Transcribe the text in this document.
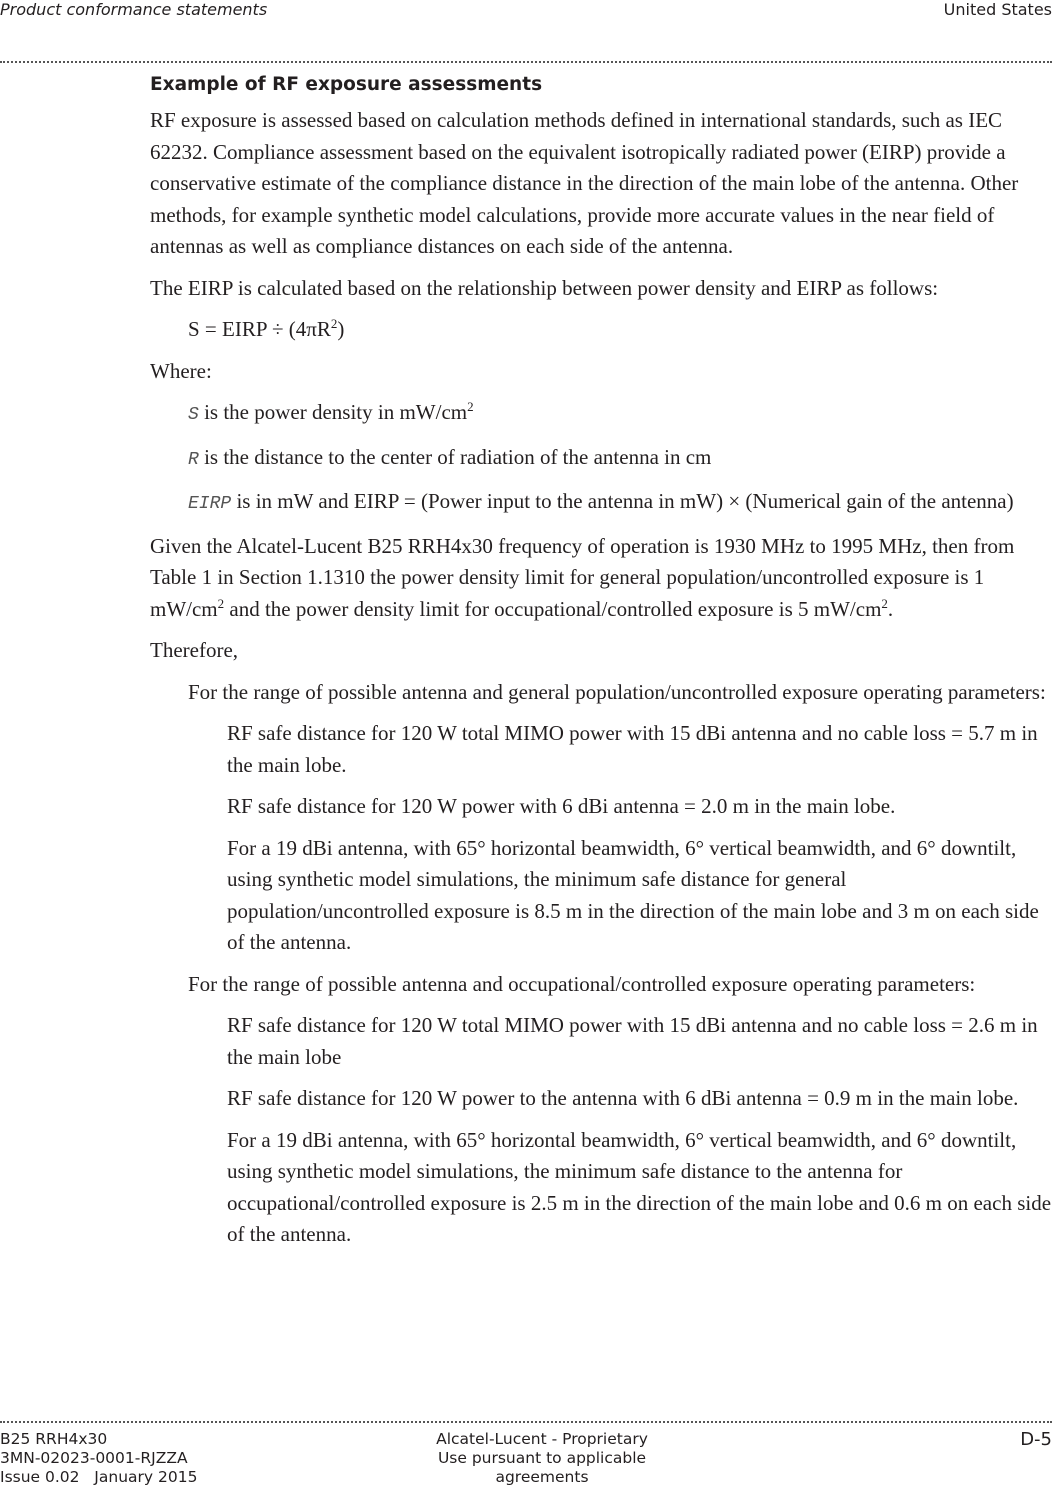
Product conformance statements	United States
Example of RF exposure assessments

RF exposure is assessed based on calculation methods defined in international standards, such as IEC 62232. Compliance assessment based on the equivalent isotropically radiated power (EIRP) provide a conservative estimate of the compliance distance in the direction of the main lobe of the antenna. Other methods, for example synthetic model calculations, provide more accurate values in the near field of antennas as well as compliance distances on each side of the antenna.

The EIRP is calculated based on the relationship between power density and EIRP as follows:

S = EIRP ÷ $(4\pi R^2)$

Where:

S is the power density in $mW/cm^2$

R is the distance to the center of radiation of the antenna in cm

EIRP is in mW and EIRP = (Power input to the antenna in mW) × (Numerical gain of the antenna)

Given the Alcatel-Lucent B25 RRH4x30 frequency of operation is 1930 MHz to 1995 MHz, then from Table 1 in Section 1.1310 the power density limit for general population/uncontrolled exposure is 1 $mW/cm^2$ and the power density limit for occupational/controlled exposure is 5 $mW/cm^2$.

Therefore,

For the range of possible antenna and general population/uncontrolled exposure operating parameters:

RF safe distance for 120 W total MIMO power with 15 dBi antenna and no cable loss = 5.7 m in the main lobe.

RF safe distance for 120 W power with 6 dBi antenna = 2.0 m in the main lobe.

For a 19 dBi antenna, with 65° horizontal beamwidth, 6° vertical beamwidth, and 6° downtilt, using synthetic model simulations, the minimum safe distance for general population/uncontrolled exposure is 8.5 m in the direction of the main lobe and 3 m on each side of the antenna.

For the range of possible antenna and occupational/controlled exposure operating parameters:

RF safe distance for 120 W total MIMO power with 15 dBi antenna and no cable loss = 2.6 m in the main lobe

RF safe distance for 120 W power to the antenna with 6 dBi antenna = 0.9 m in the main lobe.

For a 19 dBi antenna, with 65° horizontal beamwidth, 6° vertical beamwidth, and 6° downtilt, using synthetic model simulations, the minimum safe distance to the antenna for occupational/controlled exposure is 2.5 m in the direction of the main lobe and 0.6 m on each side of the antenna.

B25 RRH4x30
3MN-02023-0001-RJZZA
Issue 0.02   January 2015
Alcatel-Lucent - Proprietary
Use pursuant to applicable agreements
D-5
